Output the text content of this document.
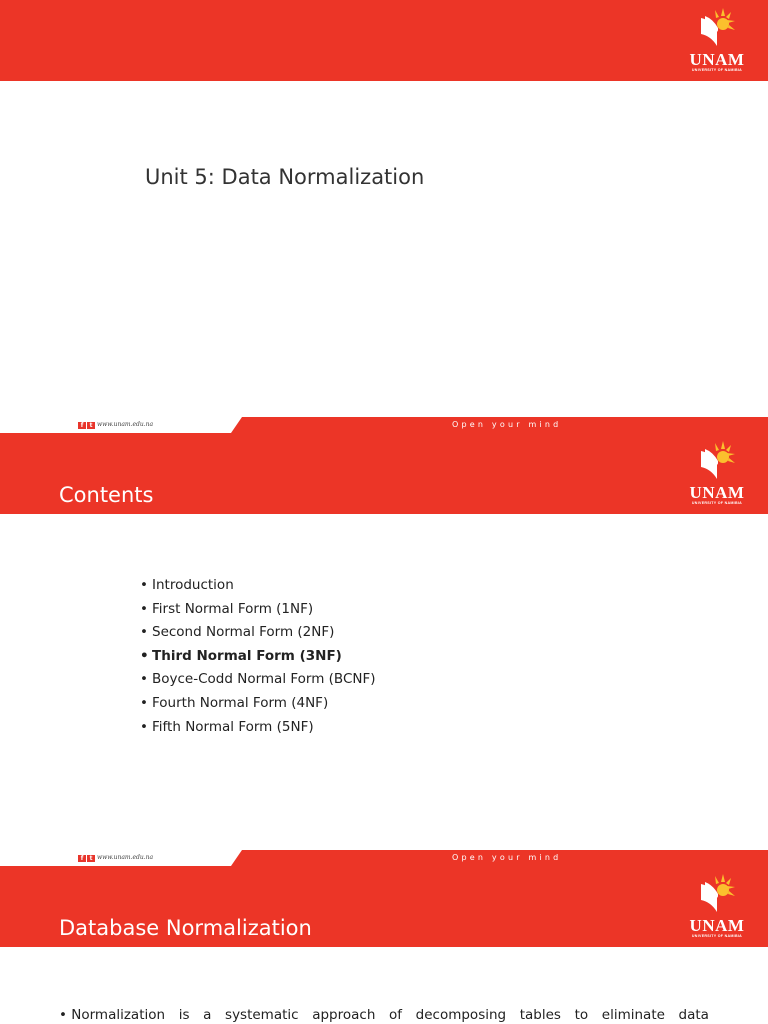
UNAM
UNIVERSITY OF NAMIBIA
Unit 5: Data Normalization
f	t www.unam.edu.na	Open your mind
UNAM
UNIVERSITY OF NAMIBIA
Contents
• Introduction
• First Normal Form (1NF)
• Second Normal Form (2NF)
• Third Normal Form (3NF)
• Boyce-Codd Normal Form (BCNF)
• Fourth Normal Form (4NF)
• Fifth Normal Form (5NF)
f	t www.unam.edu.na	Open your mind
UNAM
UNIVERSITY OF NAMIBIA
Database Normalization
• Normalization is a systematic approach of decomposing tables to eliminate data
